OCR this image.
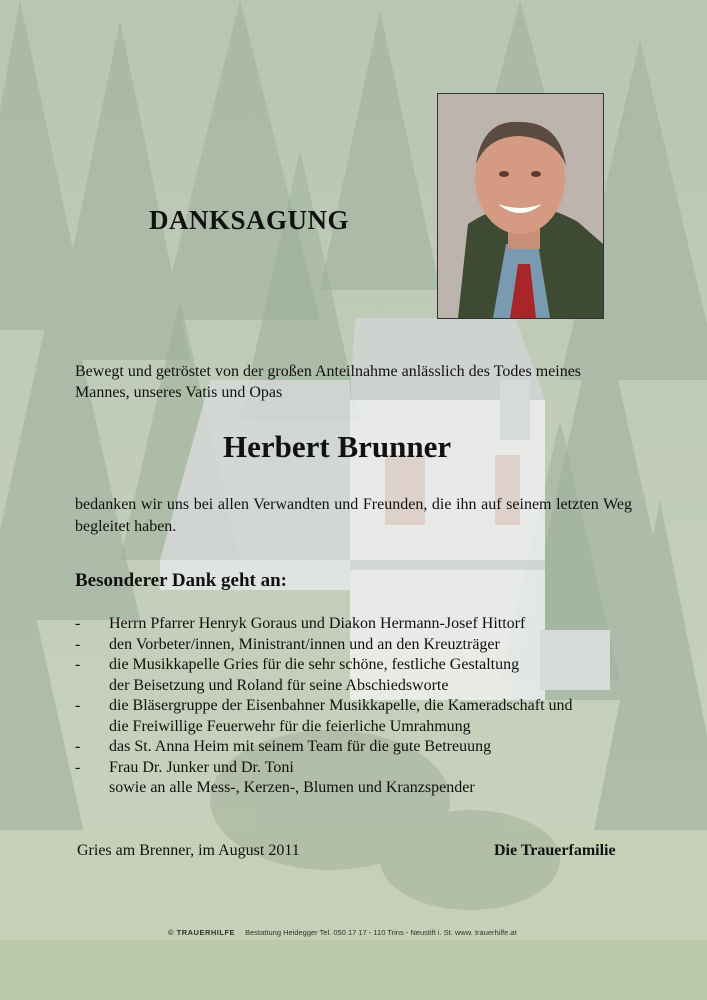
DANKSAGUNG
Bewegt und getröstet von der großen Anteilnahme anlässlich des Todes meines Mannes, unseres Vatis und Opas
Herbert Brunner
bedanken wir uns bei allen Verwandten und Freunden, die ihn auf seinem letzten Weg begleitet haben.
Besonderer Dank geht an:
- Herrn Pfarrer Henryk Goraus und Diakon Hermann-Josef Hittorf
- den Vorbeter/innen, Ministrant/innen und an den Kreuzträger
- die Musikkapelle Gries für die sehr schöne, festliche Gestaltung
der Beisetzung und Roland für seine Abschiedsworte
- die Bläsergruppe der Eisenbahner Musikkapelle, die Kameradschaft und
die Freiwillige Feuerwehr für die feierliche Umrahmung
- das St. Anna Heim mit seinem Team für die gute Betreuung
- Frau Dr. Junker und Dr. Toni
sowie an alle Mess-, Kerzen-, Blumen und Kranzspender
Gries am Brenner, im August 2011	Die Trauerfamilie
© TRAUERHILFE Bestattung Heidegger Tel. 050 17 17 - 110 Trins - Neustift i. St. www. trauerhilfe.at
